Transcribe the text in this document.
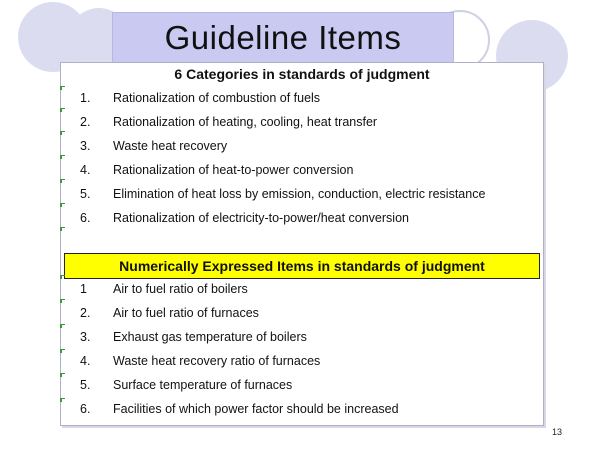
Guideline Items
6 Categories in standards of judgment
1. Rationalization of combustion of fuels
2. Rationalization of heating, cooling, heat transfer
3. Waste heat recovery
4. Rationalization of heat-to-power conversion
5. Elimination of heat loss by emission, conduction, electric resistance
6. Rationalization of electricity-to-power/heat conversion
Numerically Expressed Items in standards of judgment
1 Air to fuel ratio of boilers
2. Air to fuel ratio of furnaces
3. Exhaust gas temperature of boilers
4. Waste heat recovery ratio of furnaces
5. Surface temperature of furnaces
6. Facilities of which power factor should be increased
13
